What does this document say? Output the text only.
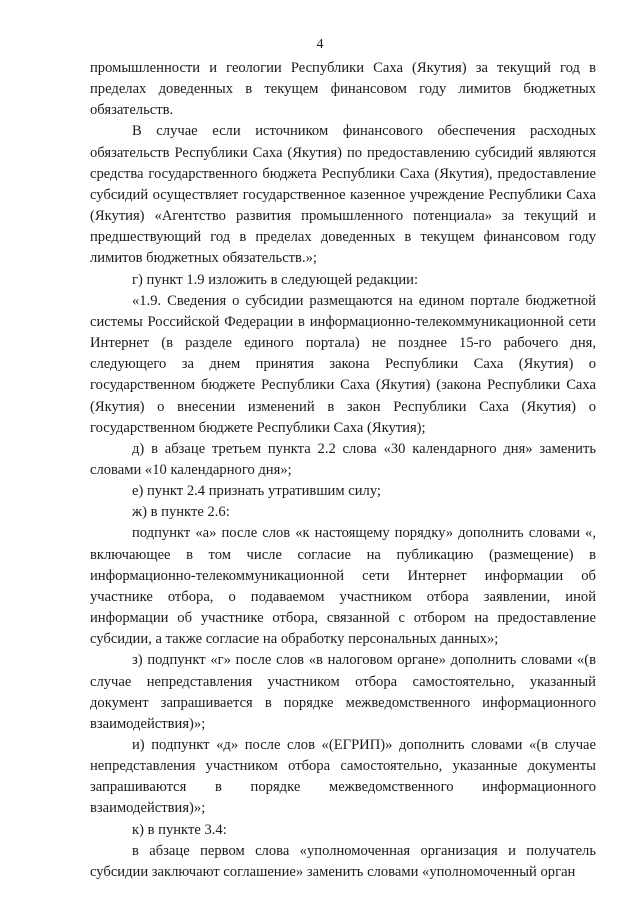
4

промышленности и геологии Республики Саха (Якутия) за текущий год в пределах доведенных в текущем финансовом году лимитов бюджетных обязательств.

В случае если источником финансового обеспечения расходных обязательств Республики Саха (Якутия) по предоставлению субсидий являются средства государственного бюджета Республики Саха (Якутия), предоставление субсидий осуществляет государственное казенное учреждение Республики Саха (Якутия) «Агентство развития промышленного потенциала» за текущий и предшествующий год в пределах доведенных в текущем финансовом году лимитов бюджетных обязательств.»;

г) пункт 1.9 изложить в следующей редакции:

«1.9. Сведения о субсидии размещаются на едином портале бюджетной системы Российской Федерации в информационно-телекоммуникационной сети Интернет (в разделе единого портала) не позднее 15-го рабочего дня, следующего за днем принятия закона Республики Саха (Якутия) о государственном бюджете Республики Саха (Якутия) (закона Республики Саха (Якутия) о внесении изменений в закон Республики Саха (Якутия) о государственном бюджете Республики Саха (Якутия);

д) в абзаце третьем пункта 2.2 слова «30 календарного дня» заменить словами «10 календарного дня»;

е) пункт 2.4 признать утратившим силу;

ж) в пункте 2.6:

подпункт «а» после слов «к настоящему порядку» дополнить словами «, включающее в том числе согласие на публикацию (размещение) в информационно-телекоммуникационной сети Интернет информации об участнике отбора, о подаваемом участником отбора заявлении, иной информации об участнике отбора, связанной с отбором на предоставление субсидии, а также согласие на обработку персональных данных»;

з) подпункт «г» после слов «в налоговом органе» дополнить словами «(в случае непредставления участником отбора самостоятельно, указанный документ запрашивается в порядке межведомственного информационного взаимодействия)»;

и) подпункт «д» после слов «(ЕГРИП)» дополнить словами «(в случае непредставления участником отбора самостоятельно, указанные документы запрашиваются в порядке межведомственного информационного взаимодействия)»;

к) в пункте 3.4:

в абзаце первом слова «уполномоченная организация и получатель субсидии заключают соглашение» заменить словами «уполномоченный орган
